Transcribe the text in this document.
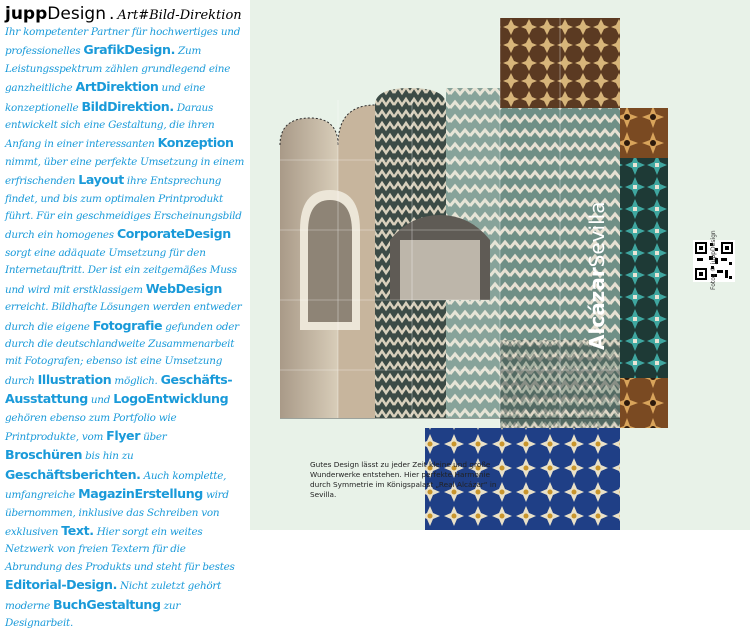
juppDesign . Art#Bild-Direktion
Ihr kompetenter Partner für hochwertiges und professionelles GrafikDesign. Zum Leistungsspektrum zählen grundlegend eine ganzheitliche ArtDirektion und eine konzeptionelle BildDirektion. Daraus entwickelt sich eine Gestaltung, die ihren Anfang in einer interessanten Konzeption nimmt, über eine perfekte Umsetzung in einem erfrischenden Layout ihre Entsprechung findet, und bis zum optimalen Printprodukt führt. Für ein geschmeidiges Erscheinungsbild durch ein homogenes CorporateDesign sorgt eine adäquate Umsetzung für den Internetauftritt. Der ist ein zeitgemäßes Muss und wird mit erstklassigem WebDesign erreicht. Bildhafte Lösungen werden entweder durch die eigene Fotografie gefunden oder durch die deutschlandweite Zusammenarbeit mit Fotografen; ebenso ist eine Umsetzung durch Illustration möglich. Geschäfts-Ausstattung und LogoEntwicklung gehören ebenso zum Portfolio wie Printprodukte, vom Flyer über Broschüren bis hin zu Geschäftsberichten. Auch komplette, umfangreiche MagazinErstellung wird übernommen, inklusive das Schreiben von exklusiven Text. Hier sorgt ein weites Netzwerk von freien Textern für die Abrundung des Produkts und steht für bestes Editorial-Design. Nicht zuletzt gehört moderne BuchGestaltung zur Designarbeit.
AlcázarSevilla	Fotos © juppDesign
Gutes Design lässt zu jeder Zeit kleine und große Wunderwerke entstehen. Hier perfekte Harmonie durch Symmetrie im Königspalast „Real Alcázar“ in Sevilla.
